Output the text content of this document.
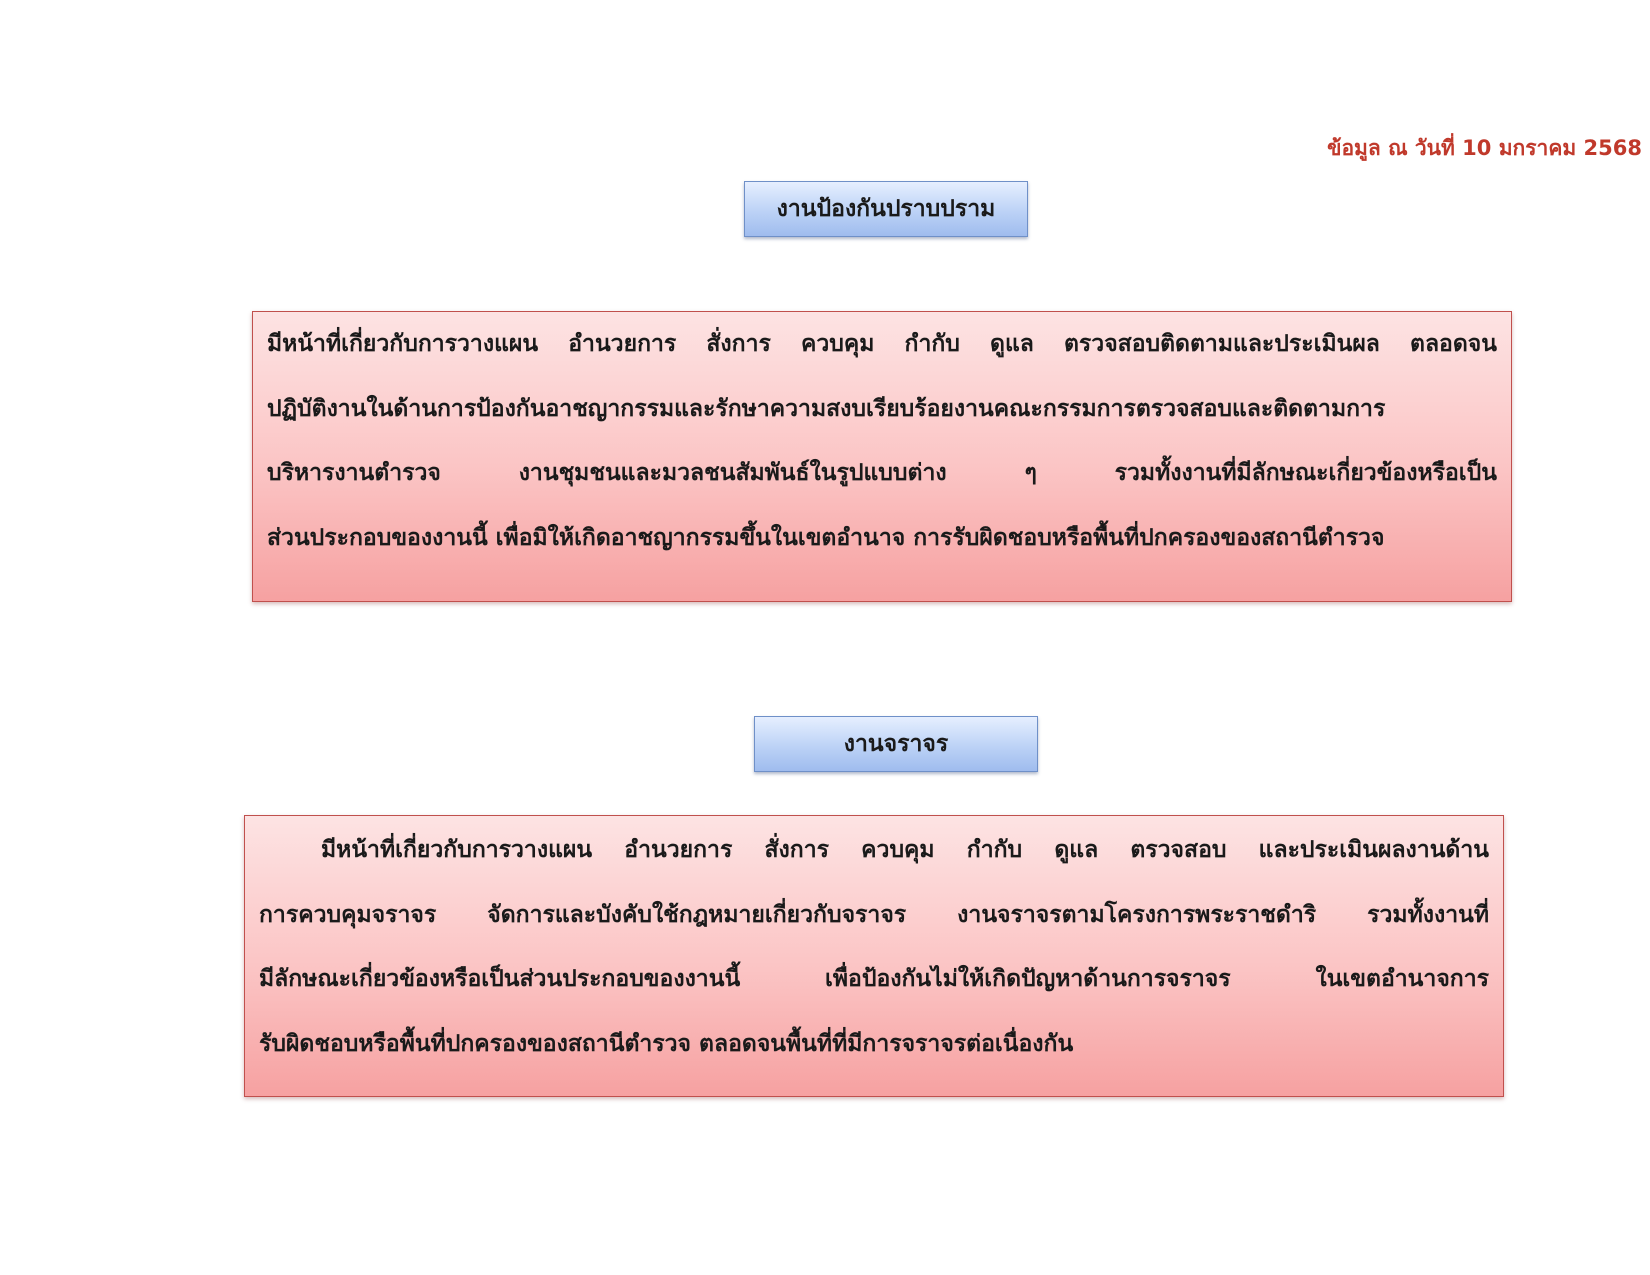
ข้อมูล ณ วันที่ 10 มกราคม 2568
งานป้องกันปราบปราม
มีหน้าที่เกี่ยวกับการวางแผน อำนวยการ สั่งการ ควบคุม กำกับ ดูแล ตรวจสอบติดตามและประเมินผล ตลอดจน
ปฏิบัติงานในด้านการป้องกันอาชญากรรมและรักษาความสงบเรียบร้อยงานคณะกรรมการตรวจสอบและติดตามการ
บริหารงานตำรวจ งานชุมชนและมวลชนสัมพันธ์ในรูปแบบต่าง ๆ รวมทั้งงานที่มีลักษณะเกี่ยวข้องหรือเป็น
ส่วนประกอบของงานนี้ เพื่อมิให้เกิดอาชญากรรมขึ้นในเขตอำนาจ การรับผิดชอบหรือพื้นที่ปกครองของสถานีตำรวจ
งานจราจร
มีหน้าที่เกี่ยวกับการวางแผน อำนวยการ สั่งการ ควบคุม กำกับ ดูแล ตรวจสอบ และประเมินผลงานด้าน
การควบคุมจราจร จัดการและบังคับใช้กฎหมายเกี่ยวกับจราจร งานจราจรตามโครงการพระราชดำริ รวมทั้งงานที่
มีลักษณะเกี่ยวข้องหรือเป็นส่วนประกอบของงานนี้ เพื่อป้องกันไม่ให้เกิดปัญหาด้านการจราจร ในเขตอำนาจการ
รับผิดชอบหรือพื้นที่ปกครองของสถานีตำรวจ ตลอดจนพื้นที่ที่มีการจราจรต่อเนื่องกัน
